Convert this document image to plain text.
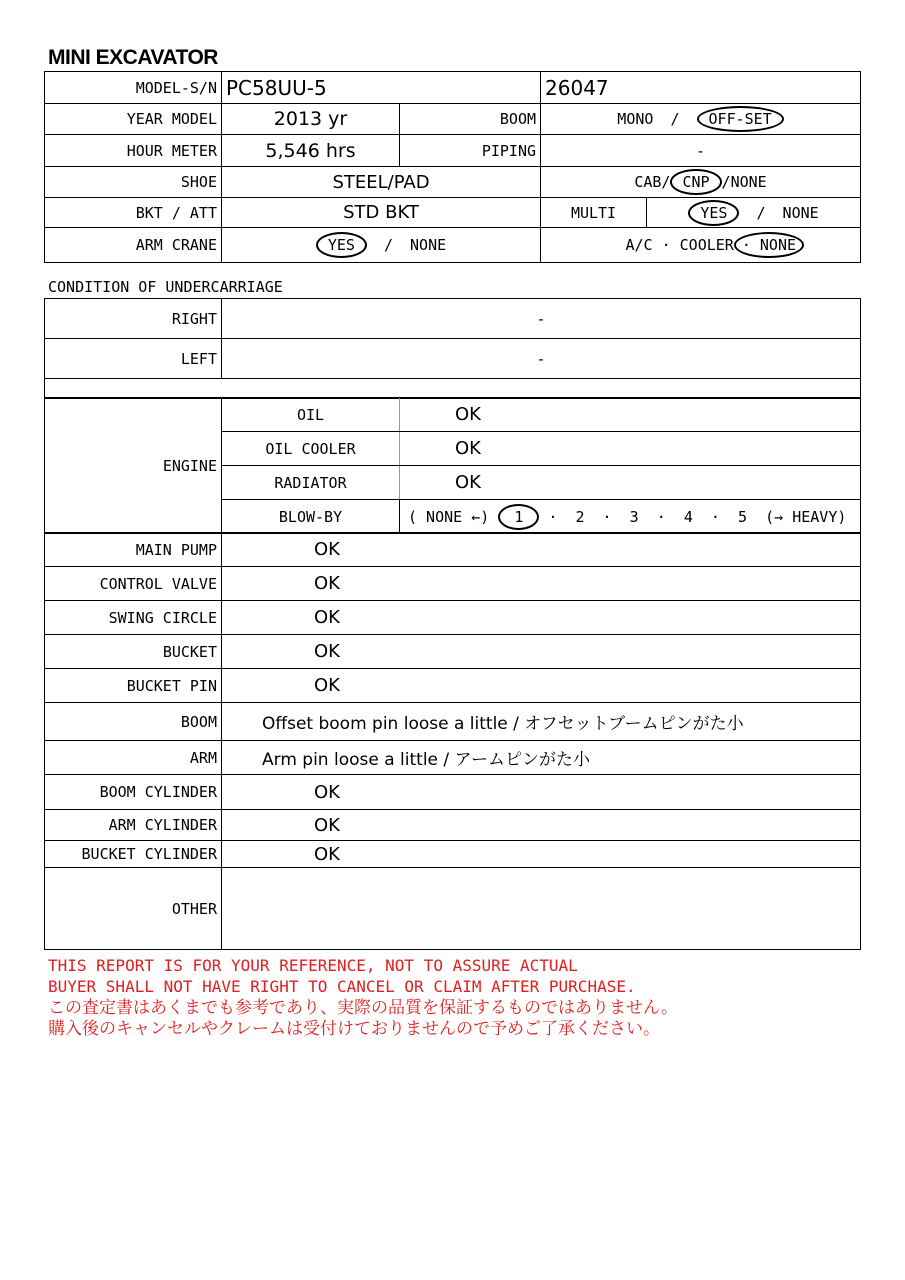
MINI EXCAVATOR
MODEL-S/N	PC58UU-5		26047	
YEAR MODEL	2013 yr	BOOM	MONO / OFF-SET	
HOUR METER	5,546 hrs	PIPING	-	
SHOE	STEEL/PAD		CAB/ CNP /NONE	
BKT / ATT	STD BKT		MULTI	YES / NONE
ARM CRANE	YES / NONE		A/C · COOLER · NONE	
CONDITION OF UNDERCARRIAGE
RIGHT	-
LEFT	-

ENGINE	OIL	OK
	OIL COOLER	OK
	RADIATOR	OK
	BLOW-BY	( NONE ←) 1 ·  2  ·  3  ·  4  ·  5  (→ HEAVY)
MAIN PUMP	OK
CONTROL VALVE	OK
SWING CIRCLE	OK
BUCKET	OK
BUCKET PIN	OK
BOOM	Offset boom pin loose a little / オフセットブームピンがた小
ARM	Arm pin loose a little / アームピンがた小
BOOM CYLINDER	OK
ARM CYLINDER	OK
BUCKET CYLINDER	OK
OTHER	
THIS REPORT IS FOR YOUR REFERENCE, NOT TO ASSURE ACTUAL
BUYER SHALL NOT HAVE RIGHT TO CANCEL OR CLAIM AFTER PURCHASE.
この査定書はあくまでも参考であり、実際の品質を保証するものではありません。
購入後のキャンセルやクレームは受付けておりませんので予めご了承ください。
